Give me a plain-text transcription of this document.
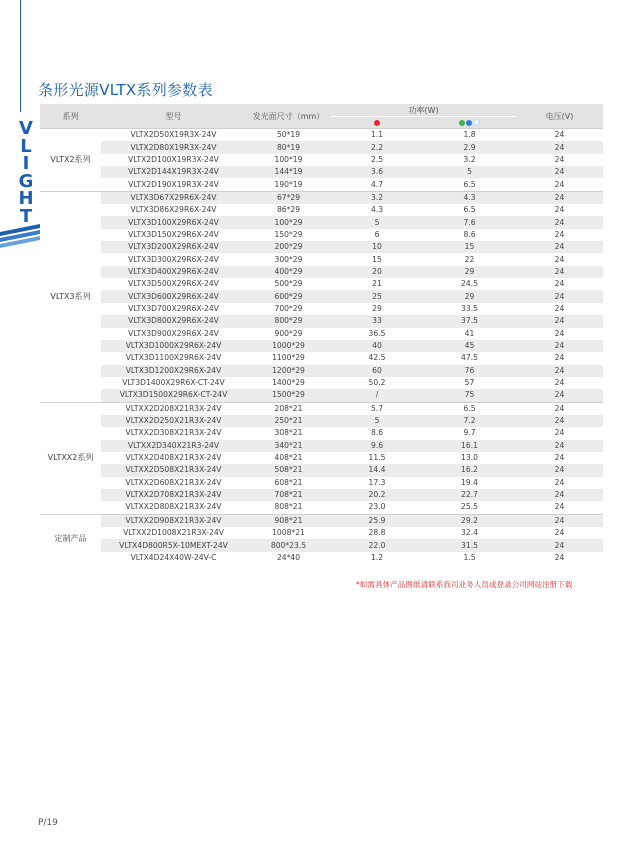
V
L
I
G
H
T
条形光源VLTX系列参数表
系列	型号	发光面尺寸（mm）	功率(W)		电压(V)

VLTX2系列	VLTX2D50X19R3X-24V	50*19	1.1	1.8	24
	VLTX2D80X19R3X-24V	80*19	2.2	2.9	24
	VLTX2D100X19R3X-24V	100*19	2.5	3.2	24
	VLTX2D144X19R3X-24V	144*19	3.6	5	24
	VLTX2D190X19R3X-24V	190*19	4.7	6.5	24
VLTX3系列	VLTX3D67X29R6X-24V	67*29	3.2	4.3	24
	VLTX3D86X29R6X-24V	86*29	4.3	6.5	24
	VLTX3D100X29R6X-24V	100*29	5	7.6	24
	VLTX3D150X29R6X-24V	150*29	6	8.6	24
	VLTX3D200X29R6X-24V	200*29	10	15	24
	VLTX3D300X29R6X-24V	300*29	15	22	24
	VLTX3D400X29R6X-24V	400*29	20	29	24
	VLTX3D500X29R6X-24V	500*29	21	24.5	24
	VLTX3D600X29R6X-24V	600*29	25	29	24
	VLTX3D700X29R6X-24V	700*29	29	33.5	24
	VLTX3D800X29R6X-24V	800*29	33	37.5	24
	VLTX3D900X29R6X-24V	900*29	36.5	41	24
	VLTX3D1000X29R6X-24V	1000*29	40	45	24
	VLTX3D1100X29R6X-24V	1100*29	42.5	47.5	24
	VLTX3D1200X29R6X-24V	1200*29	60	76	24
	VLT3D1400X29R6X-CT-24V	1400*29	50.2	57	24
	VLTX3D1500X29R6X-CT-24V	1500*29	/	75	24
VLTXX2系列	VLTXX2D208X21R3X-24V	208*21	5.7	6.5	24
	VLTXX2D250X21R3X-24V	250*21	5	7.2	24
	VLTXX2D308X21R3X-24V	308*21	8.6	9.7	24
	VLTXX2D340X21R3-24V	340*21	9.6	16.1	24
	VLTXX2D408X21R3X-24V	408*21	11.5	13.0	24
	VLTXX2D508X21R3X-24V	508*21	14.4	16.2	24
	VLTXX2D608X21R3X-24V	608*21	17.3	19.4	24
	VLTXX2D708X21R3X-24V	708*21	20.2	22.7	24
	VLTXX2D808X21R3X-24V	808*21	23.0	25.5	24
定制产品	VLTXX2D908X21R3X-24V	908*21	25.9	29.2	24
	VLTXX2D1008X21R3X-24V	1008*21	28.8	32.4	24
	VLTX4D800R5X-10MEXT-24V	800*23.5	22.0	31.5	24
	VLTX4D24X40W-24V-C	24*40	1.2	1.5	24
*如需具体产品图纸请联系我司业务人员或登录公司网站注册下载
P/19
